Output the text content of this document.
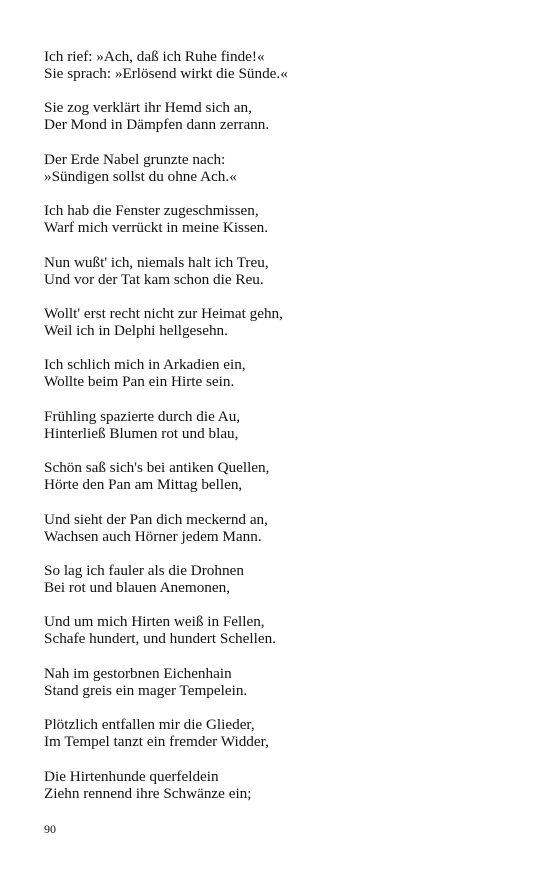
Ich rief: »Ach, daß ich Ruhe finde!«
Sie sprach: »Erlösend wirkt die Sünde.«
Sie zog verklärt ihr Hemd sich an,
Der Mond in Dämpfen dann zerrann.
Der Erde Nabel grunzte nach:
»Sündigen sollst du ohne Ach.«
Ich hab die Fenster zugeschmissen,
Warf mich verrückt in meine Kissen.
Nun wußt' ich, niemals halt ich Treu,
Und vor der Tat kam schon die Reu.
Wollt' erst recht nicht zur Heimat gehn,
Weil ich in Delphi hellgesehn.
Ich schlich mich in Arkadien ein,
Wollte beim Pan ein Hirte sein.
Frühling spazierte durch die Au,
Hinterließ Blumen rot und blau,
Schön saß sich's bei antiken Quellen,
Hörte den Pan am Mittag bellen,
Und sieht der Pan dich meckernd an,
Wachsen auch Hörner jedem Mann.
So lag ich fauler als die Drohnen
Bei rot und blauen Anemonen,
Und um mich Hirten weiß in Fellen,
Schafe hundert, und hundert Schellen.
Nah im gestorbnen Eichenhain
Stand greis ein mager Tempelein.
Plötzlich entfallen mir die Glieder,
Im Tempel tanzt ein fremder Widder,
Die Hirtenhunde querfeldein
Ziehn rennend ihre Schwänze ein;
90
